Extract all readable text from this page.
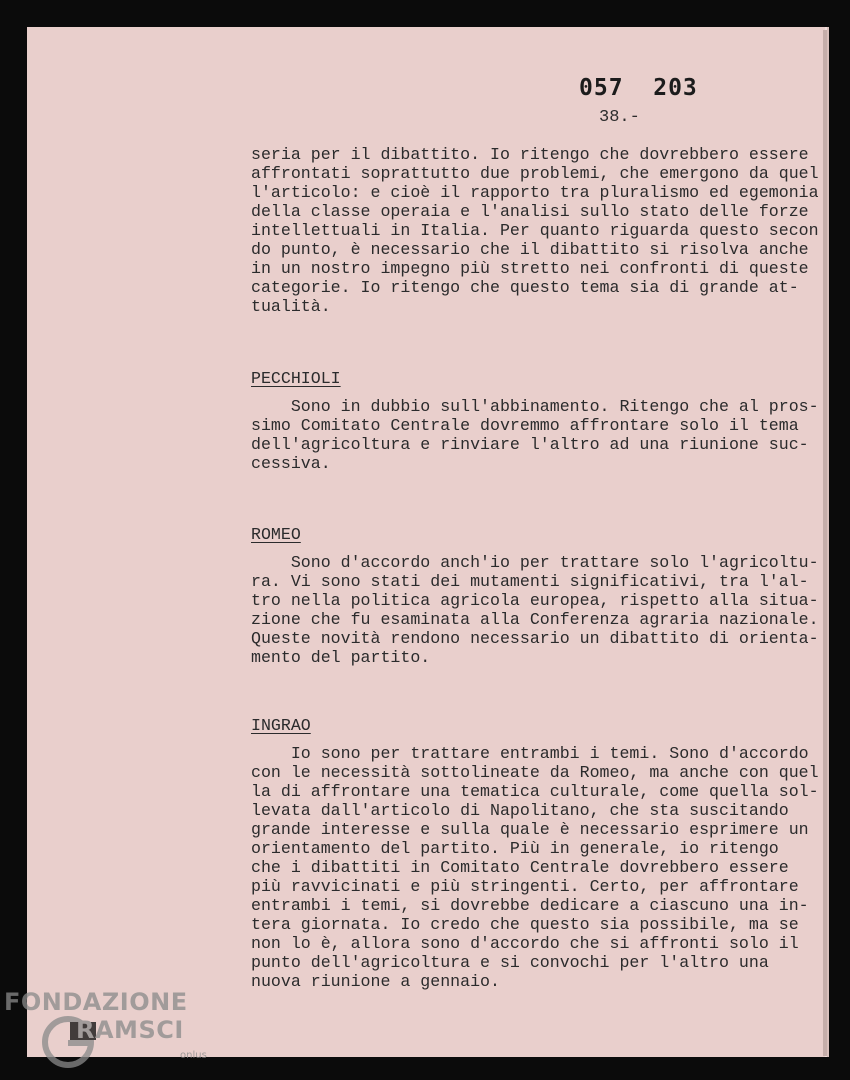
057  203
38.-

seria per il dibattito. Io ritengo che dovrebbero essere

affrontati soprattutto due problemi, che emergono da quel

l'articolo: e cioè il rapporto tra pluralismo ed egemonia

della classe operaia e l'analisi sullo stato delle forze

intellettuali in Italia. Per quanto riguarda questo secon

do punto, è necessario che il dibattito si risolva anche

in un nostro impegno più stretto nei confronti di queste

categorie. Io ritengo che questo tema sia di grande at-

tualità.

PECCHIOLI

Sono in dubbio sull'abbinamento. Ritengo che al pros-

simo Comitato Centrale dovremmo affrontare solo il tema

dell'agricoltura e rinviare l'altro ad una riunione suc-

cessiva.

ROMEO

Sono d'accordo anch'io per trattare solo l'agricoltu-

ra. Vi sono stati dei mutamenti significativi, tra l'al-

tro nella politica agricola europea, rispetto alla situa-

zione che fu esaminata alla Conferenza agraria nazionale.

Queste novità rendono necessario un dibattito di orienta-

mento del partito.

INGRAO

Io sono per trattare entrambi i temi. Sono d'accordo

con le necessità sottolineate da Romeo, ma anche con quel

la di affrontare una tematica culturale, come quella sol-

levata dall'articolo di Napolitano, che sta suscitando

grande interesse e sulla quale è necessario esprimere un

orientamento del partito. Più in generale, io ritengo

che i dibattiti in Comitato Centrale dovrebbero essere

più ravvicinati e più stringenti. Certo, per affrontare

entrambi i temi, si dovrebbe dedicare a ciascuno una in-

tera giornata. Io credo che questo sia possibile, ma se

non lo è, allora sono d'accordo che si affronti solo il

punto dell'agricoltura e si convochi per l'altro una

nuova riunione a gennaio.

FONDAZIONE
RAMSCI
onlus
